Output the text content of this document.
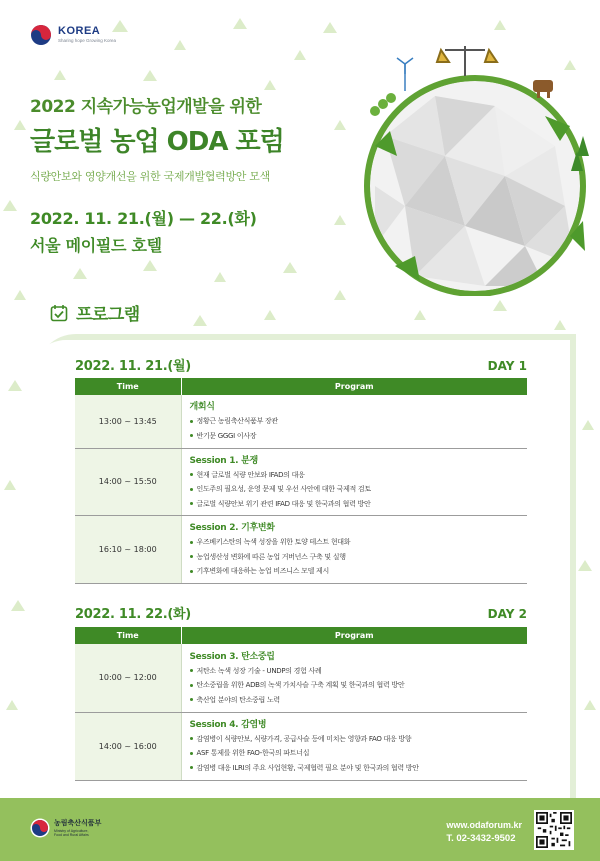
KOREA
Sharing hope Growing Korea
2022 지속가능농업개발을 위한
글로벌 농업 ODA 포럼
식량안보와 영양개선을 위한 국제개발협력방안 모색
2022. 11. 21.(월) — 22.(화)
서울 메이필드 호텔
프로그램
2022. 11. 21.(월)	DAY 1
Time	Program
13:00 ~ 13:45	개회식
정황근 농림축산식품부 장관
반기문 GGGI 이사장

14:00 ~ 15:50	Session 1. 분쟁
현재 글로벌 식량 안보와 IFAD의 대응
인도주의 필요성, 운영 문제 및 우선 사안에 대한 국제적 검토
글로벌 식량안보 위기 관련 IFAD 대응 및 한국과의 협력 방안

16:10 ~ 18:00	Session 2. 기후변화
우즈베키스탄의 녹색 성장을 위한 토양 테스트 현대화
농업생산성 변화에 따른 농업 거버넌스 구축 및 실행
기후변화에 대응하는 농업 비즈니스 모델 제시
2022. 11. 22.(화)	DAY 2
Time	Program
10:00 ~ 12:00	Session 3. 탄소중립
저탄소 녹색 성장 기술 - UNDP의 경험 사례
탄소중립을 위한 ADB의 녹색 가치사슬 구축 계획 및 한국과의 협력 방안
축산업 분야의 탄소중립 노력

14:00 ~ 16:00	Session 4. 감염병
감염병이 식량안보, 식량가격, 공급사슬 등에 미치는 영향과 FAO 대응 방향
ASF 통제를 위한 FAO-한국의 파트너십
감염병 대응 ILRI의 주요 사업현황, 국제협력 필요 분야 및 한국과의 협력 방안
농림축산식품부
Ministry of Agriculture, Food and Rural Affairs
www.odaforum.kr
T. 02-3432-9502
